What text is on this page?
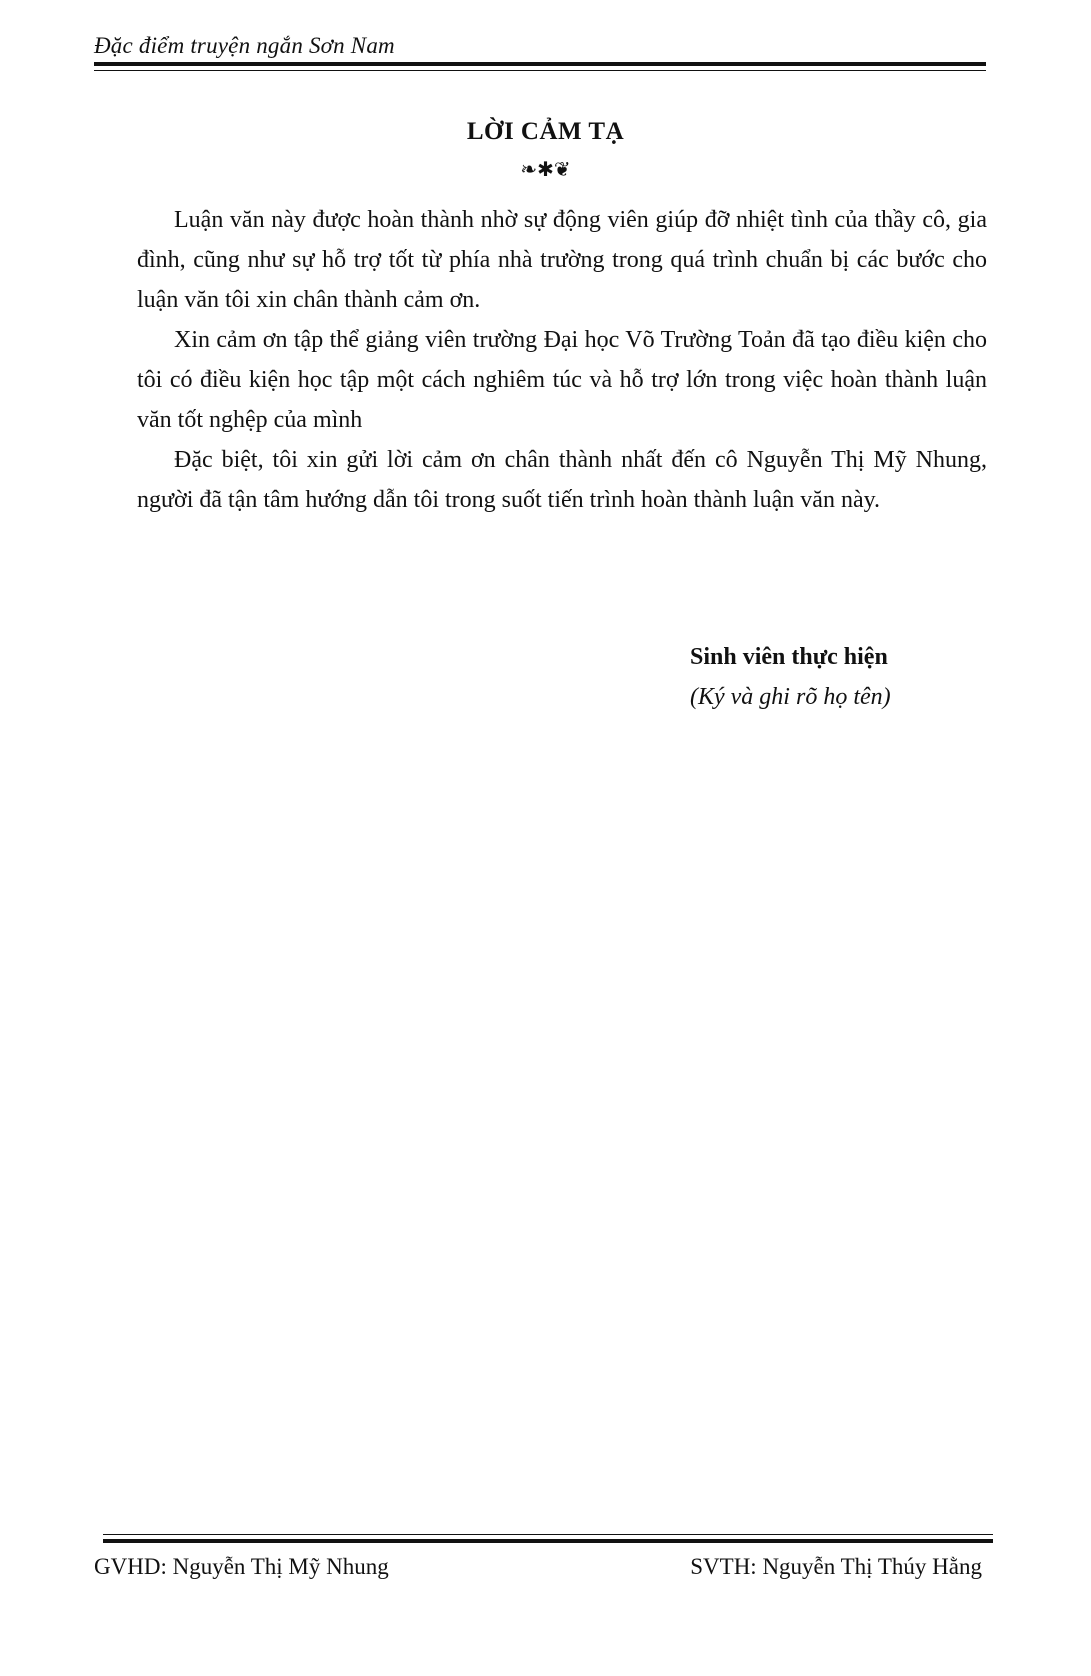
Đặc điểm truyện ngắn Sơn Nam
LỜI CẢM TẠ
❧✱❦

Luận văn này được hoàn thành nhờ sự động viên giúp đỡ nhiệt tình của thầy cô, gia đình, cũng như sự hỗ trợ tốt từ phía nhà trường trong quá trình chuẩn bị các bước cho luận văn tôi xin chân thành cảm ơn.

Xin cảm ơn tập thể giảng viên trường Đại học Võ Trường Toản đã tạo điều kiện cho tôi có điều kiện học tập một cách nghiêm túc và hỗ trợ lớn trong việc hoàn thành luận văn tốt nghệp của mình

Đặc biệt, tôi xin gửi lời cảm ơn chân thành nhất đến cô Nguyễn Thị Mỹ Nhung, người đã tận tâm hướng dẫn tôi trong suốt tiến trình hoàn thành luận văn này.

Sinh viên thực hiện
(Ký và ghi rõ họ tên)
GVHD: Nguyễn Thị Mỹ Nhung	SVTH: Nguyễn Thị Thúy Hằng
